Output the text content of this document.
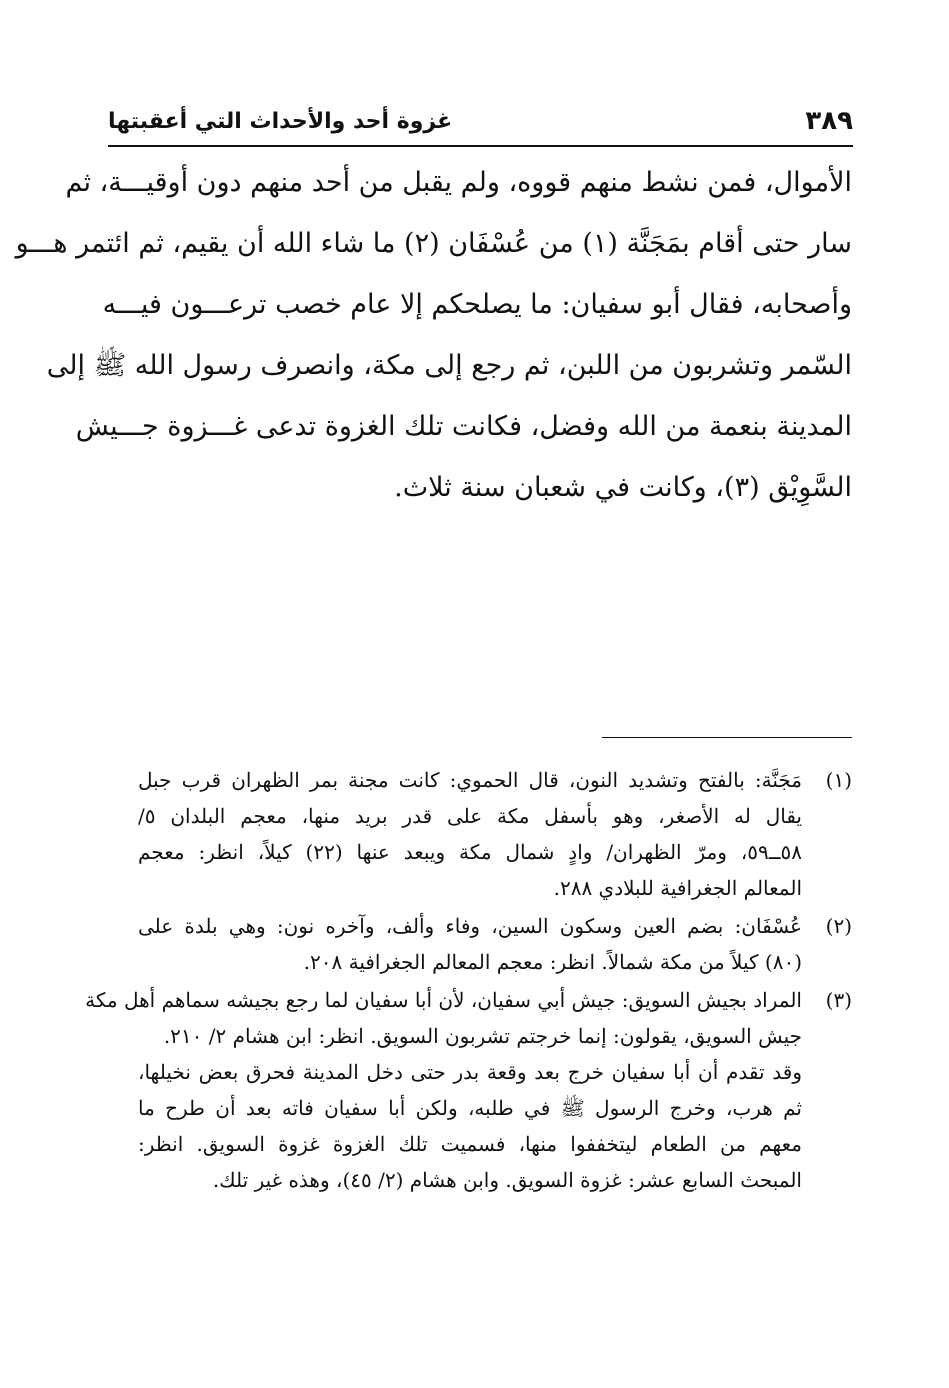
٣٨٩
غزوة أحد والأحداث التي أعقبتها
الأموال، فمن نشط منهم قووه، ولم يقبل من أحد منهم دون أوقيـــة، ثم
سار حتى أقام بمَجَنَّة (١) من عُسْفَان (٢) ما شاء الله أن يقيم، ثم ائتمر هـــو
وأصحابه، فقال أبو سفيان: ما يصلحكم إلا عام خصب ترعـــون فيـــه
السّمر وتشربون من اللبن، ثم رجع إلى مكة، وانصرف رسول الله ﷺ إلى
المدينة بنعمة من الله وفضل، فكانت تلك الغزوة تدعى غـــزوة جـــيش
السَّوِيْق (٣)، وكانت في شعبان سنة ثلاث.
(١)
مَجَنَّة: بالفتح وتشديد النون، قال الحموي: كانت مجنة بمر الظهران قرب جبل
يقال له الأصغر، وهو بأسفل مكة على قدر بريد منها، معجم البلدان ٥/
٥٨ــ٥٩، ومرّ الظهران/ وادٍ شمال مكة ويبعد عنها (٢٢) كيلاً، انظر: معجم
المعالم الجغرافية للبلادي ٢٨٨.
(٢)
عُسْفَان: بضم العين وسكون السين، وفاء وألف، وآخره نون: وهي بلدة على
(٨٠) كيلاً من مكة شمالاً. انظر: معجم المعالم الجغرافية ٢٠٨.
(٣)
المراد بجيش السويق: جيش أبي سفيان، لأن أبا سفيان لما رجع بجيشه سماهم أهل مكة
جيش السويق، يقولون: إنما خرجتم تشربون السويق. انظر: ابن هشام ٢/ ٢١٠.
وقد تقدم أن أبا سفيان خرج بعد وقعة بدر حتى دخل المدينة فحرق بعض نخيلها،
ثم هرب، وخرج الرسول ﷺ في طلبه، ولكن أبا سفيان فاته بعد أن طرح ما
معهم من الطعام ليتخففوا منها، فسميت تلك الغزوة غزوة السويق. انظر:
المبحث السابع عشر: غزوة السويق. وابن هشام (٢/ ٤٥)، وهذه غير تلك.
